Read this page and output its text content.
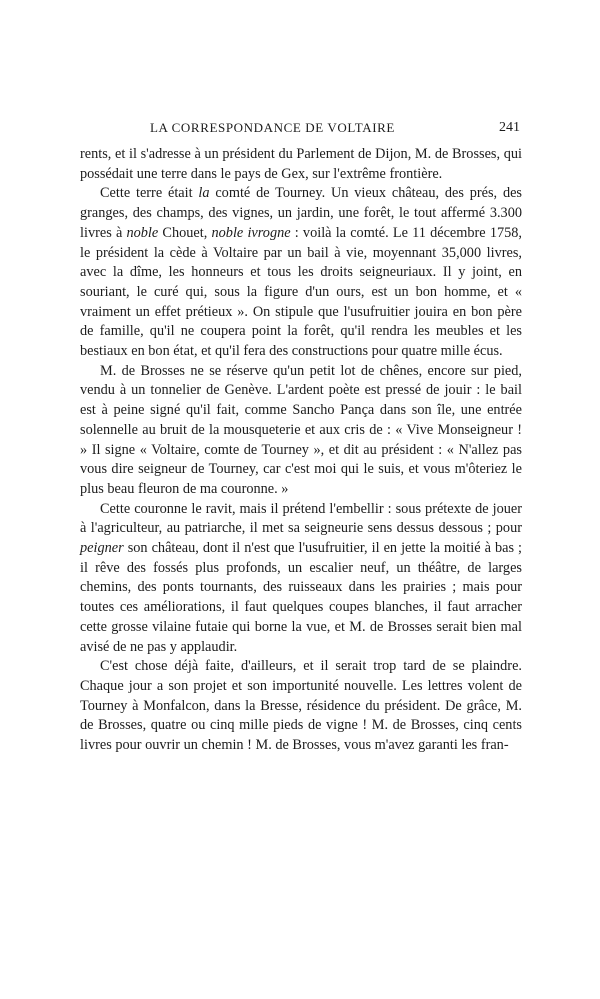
LA CORRESPONDANCE DE VOLTAIRE	241

rents, et il s'adresse à un président du Parlement de Dijon, M. de Brosses, qui possédait une terre dans le pays de Gex, sur l'extrême frontière.

Cette terre était la comté de Tourney. Un vieux château, des prés, des granges, des champs, des vignes, un jardin, une forêt, le tout affermé 3.300 livres à noble Chouet, noble ivrogne : voilà la comté. Le 11 décembre 1758, le président la cède à Voltaire par un bail à vie, moyennant 35,000 livres, avec la dîme, les honneurs et tous les droits seigneuriaux. Il y joint, en souriant, le curé qui, sous la figure d'un ours, est un bon homme, et « vraiment un effet prétieux ». On stipule que l'usufruitier jouira en bon père de famille, qu'il ne coupera point la forêt, qu'il rendra les meubles et les bestiaux en bon état, et qu'il fera des constructions pour quatre mille écus.

M. de Brosses ne se réserve qu'un petit lot de chênes, encore sur pied, vendu à un tonnelier de Genève. L'ardent poète est pressé de jouir : le bail est à peine signé qu'il fait, comme Sancho Pança dans son île, une entrée solennelle au bruit de la mousqueterie et aux cris de : « Vive Monseigneur ! » Il signe « Voltaire, comte de Tourney », et dit au président : « N'allez pas vous dire seigneur de Tourney, car c'est moi qui le suis, et vous m'ôteriez le plus beau fleuron de ma couronne. »

Cette couronne le ravit, mais il prétend l'embellir : sous prétexte de jouer à l'agriculteur, au patriarche, il met sa seigneurie sens dessus dessous ; pour peigner son château, dont il n'est que l'usufruitier, il en jette la moitié à bas ; il rêve des fossés plus profonds, un escalier neuf, un théâtre, de larges chemins, des ponts tournants, des ruisseaux dans les prairies ; mais pour toutes ces améliorations, il faut quelques coupes blanches, il faut arracher cette grosse vilaine futaie qui borne la vue, et M. de Brosses serait bien mal avisé de ne pas y applaudir.

C'est chose déjà faite, d'ailleurs, et il serait trop tard de se plaindre. Chaque jour a son projet et son importunité nouvelle. Les lettres volent de Tourney à Monfalcon, dans la Bresse, résidence du président. De grâce, M. de Brosses, quatre ou cinq mille pieds de vigne ! M. de Brosses, cinq cents livres pour ouvrir un chemin ! M. de Brosses, vous m'avez garanti les fran-
